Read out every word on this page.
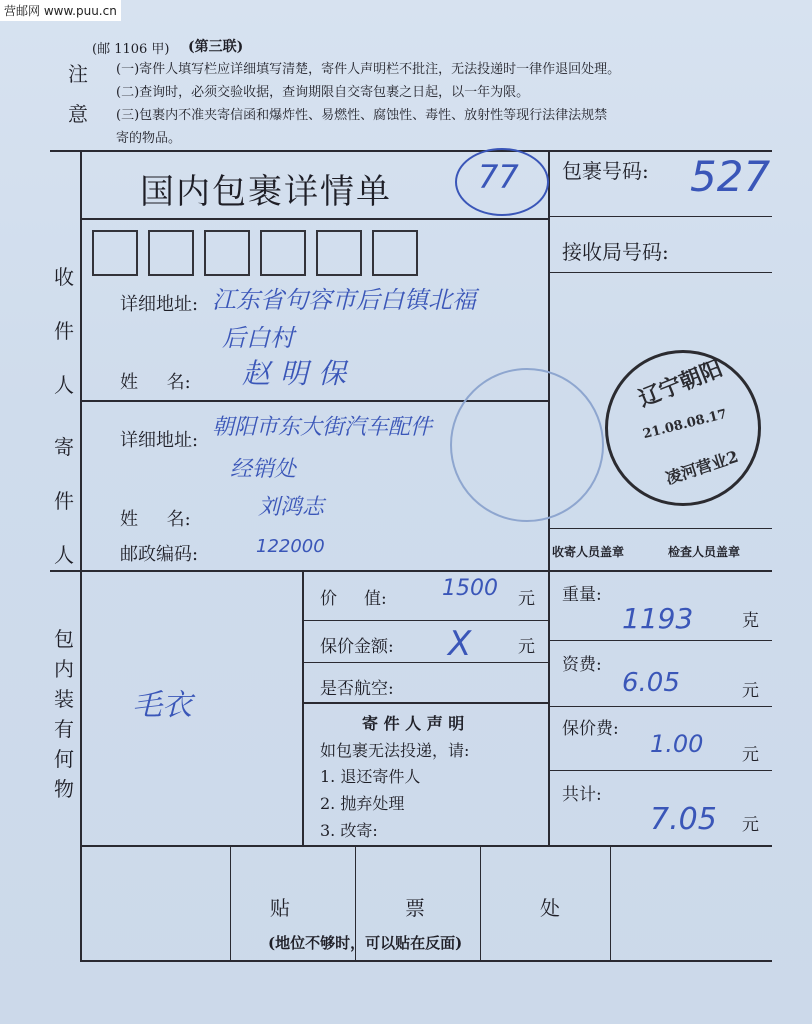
营邮网 www.puu.cn
(邮 1106 甲) (第三联)
注
意
(一)寄件人填写栏应详细填写清楚，寄件人声明栏不批注，无法投递时一律作退回处理。
(二)查询时，必须交验收据，查询期限自交寄包裹之日起，以一年为限。
(三)包裹内不准夹寄信函和爆炸性、易燃性、腐蚀性、毒性、放射性等现行法律法规禁
寄的物品。
国内包裹详情单	77 包裹号码: 527
接收局号码:
收
件
人
详细地址: 江东省句容市后白镇北福
后白村
姓     名: 赵明保
寄
件
人
详细地址:
朝阳市东大街汽车配件
经销处
姓     名:	刘鸿志
邮政编码:	122000
辽宁朝阳
21.08.08.17
凌河营业2
收寄人员盖章	检查人员盖章
包
内
装
有
何
物
毛衣
价     值:	1500 元
保价金额: X	元
是否航空:
寄 件 人 声 明
如包裹无法投递，请:
1. 退还寄件人
2. 抛弃处理
3. 改寄:
重量:
1193	克
资费:
6.05	元
保价费:
1.00 元
共计:
7.05 元
贴	票	处
(地位不够时，可以贴在反面)
